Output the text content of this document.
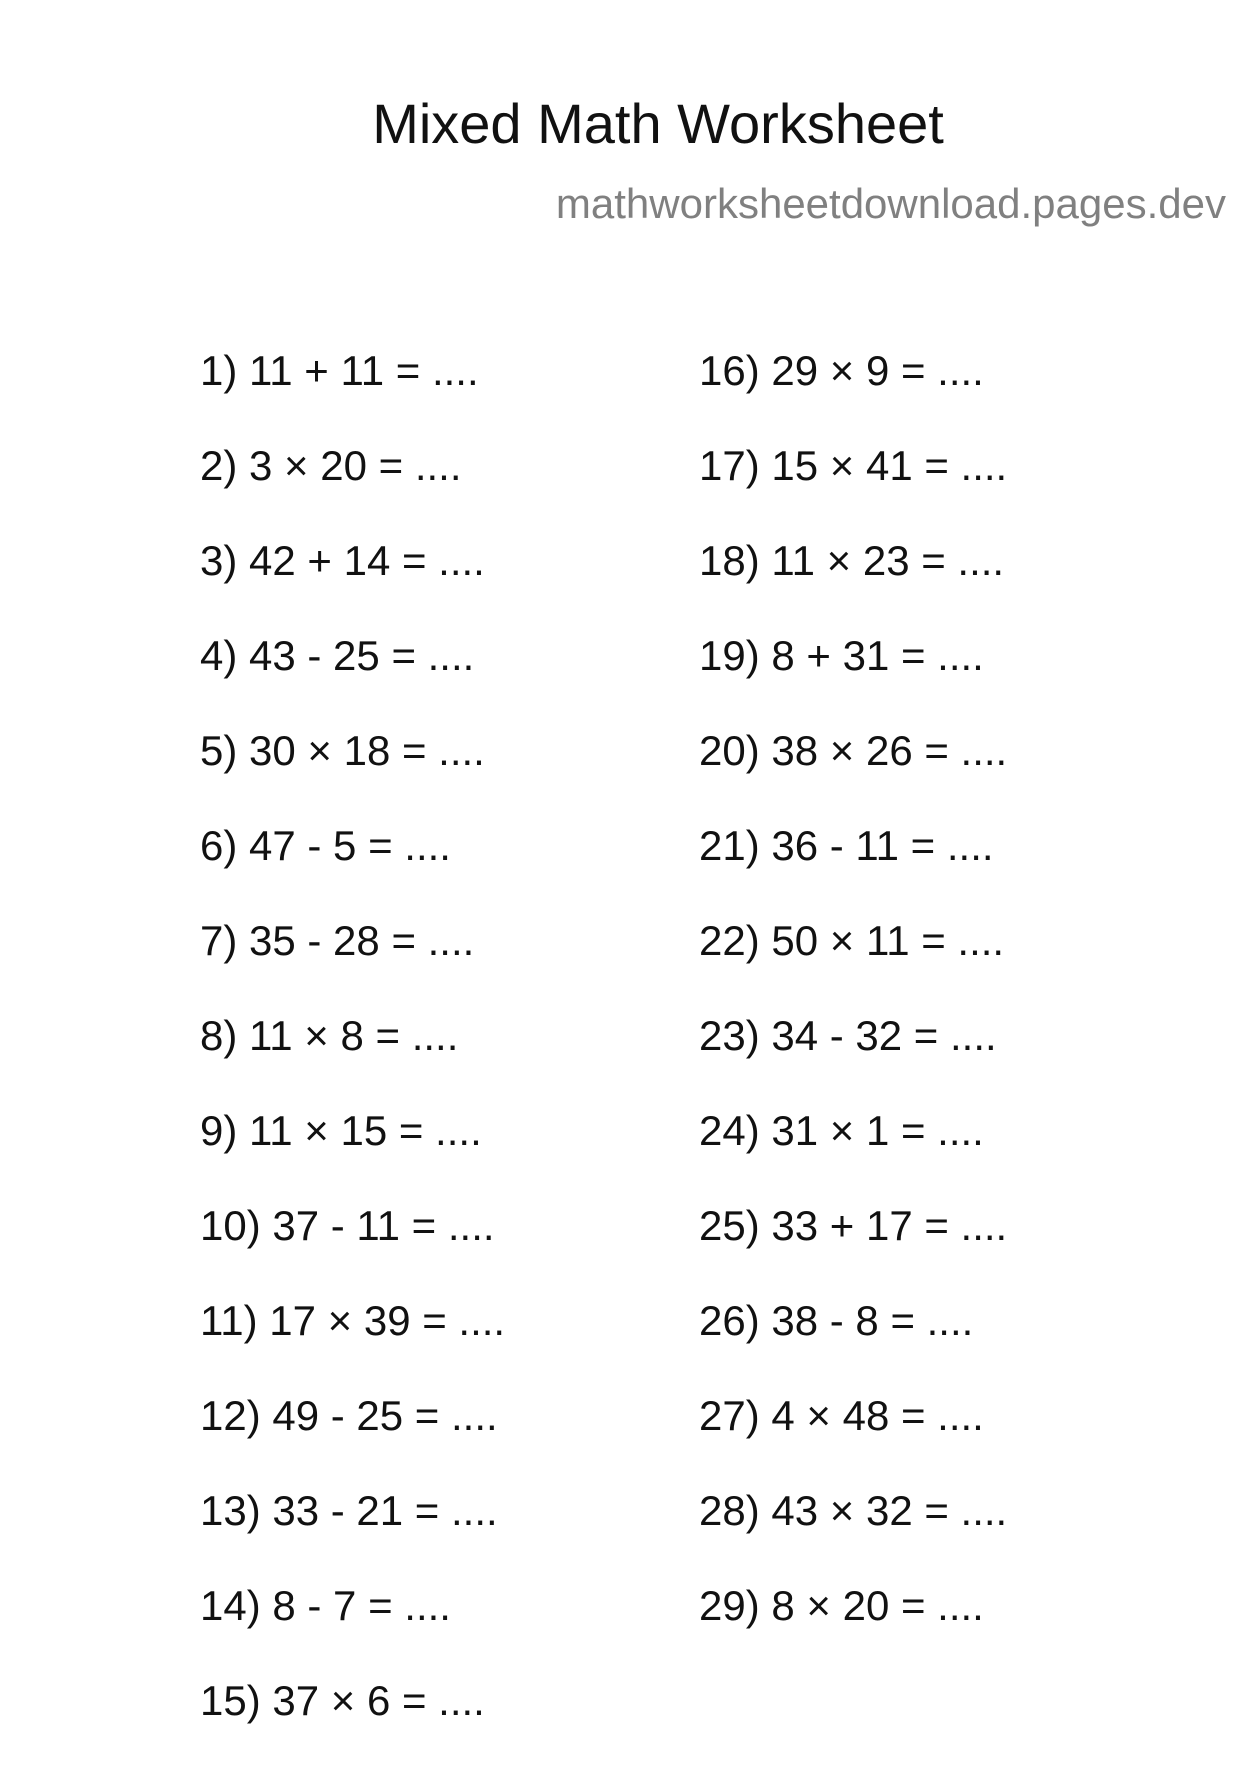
Mixed Math Worksheet
mathworksheetdownload.pages.dev
1) 11 + 11 = ....
2) 3 × 20 = ....
3) 42 + 14 = ....
4) 43 - 25 = ....
5) 30 × 18 = ....
6) 47 - 5 = ....
7) 35 - 28 = ....
8) 11 × 8 = ....
9) 11 × 15 = ....
10) 37 - 11 = ....
11) 17 × 39 = ....
12) 49 - 25 = ....
13) 33 - 21 = ....
14) 8 - 7 = ....
15) 37 × 6 = ....
16) 29 × 9 = ....
17) 15 × 41 = ....
18) 11 × 23 = ....
19) 8 + 31 = ....
20) 38 × 26 = ....
21) 36 - 11 = ....
22) 50 × 11 = ....
23) 34 - 32 = ....
24) 31 × 1 = ....
25) 33 + 17 = ....
26) 38 - 8 = ....
27) 4 × 48 = ....
28) 43 × 32 = ....
29) 8 × 20 = ....
